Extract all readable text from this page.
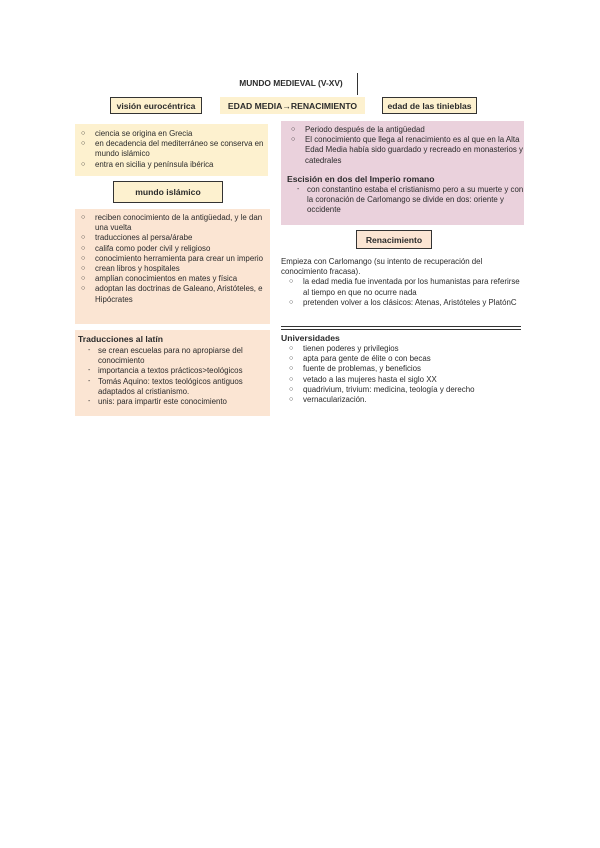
MUNDO MEDIEVAL (V-XV)
visión eurocéntrica	EDAD MEDIA→RENACIMIENTO	edad de las tinieblas
○ ciencia se origina en Grecia
○ en decadencia del mediterráneo se conserva en mundo islámico
○ entra en sicilia y península ibérica
mundo islámico
○ reciben conocimiento de la antigüedad, y le dan una vuelta
○ traducciones al persa/árabe
○ califa como poder civil y religioso
○ conocimiento herramienta para crear un imperio
○ crean libros y hospitales
○ amplían conocimientos en mates y física
○ adoptan las doctrinas de Galeano, Aristóteles, e Hipócrates
Traducciones al latín
- se crean escuelas para no apropiarse del conocimiento
- importancia a textos prácticos>teológicos
- Tomás Aquino: textos teológicos antiguos adaptados al cristianismo.
- unis: para impartir este conocimiento
○ Periodo después de la antigüedad
○ El conocimiento que llega al renacimiento es al que en la Alta Edad Media había sido guardado y recreado en monasterios y catedrales
Escisión en dos del Imperio romano
- con constantino estaba el cristianismo pero a su muerte y con la coronación de Carlomango se divide en dos: oriente y occidente
Renacimiento
Empieza con Carlomango (su intento de recuperación del conocimiento fracasa).
○ la edad media fue inventada por los humanistas para referirse al tiempo en que no ocurre nada
○ pretenden volver a los clásicos: Atenas, Aristóteles y PlatónC
Universidades
○ tienen poderes y privilegios
○ apta para gente de élite o con becas
○ fuente de problemas, y beneficios
○ vetado a las mujeres hasta el siglo XX
○ quadrivium, trivium: medicina, teología y derecho
○ vernacularización.
